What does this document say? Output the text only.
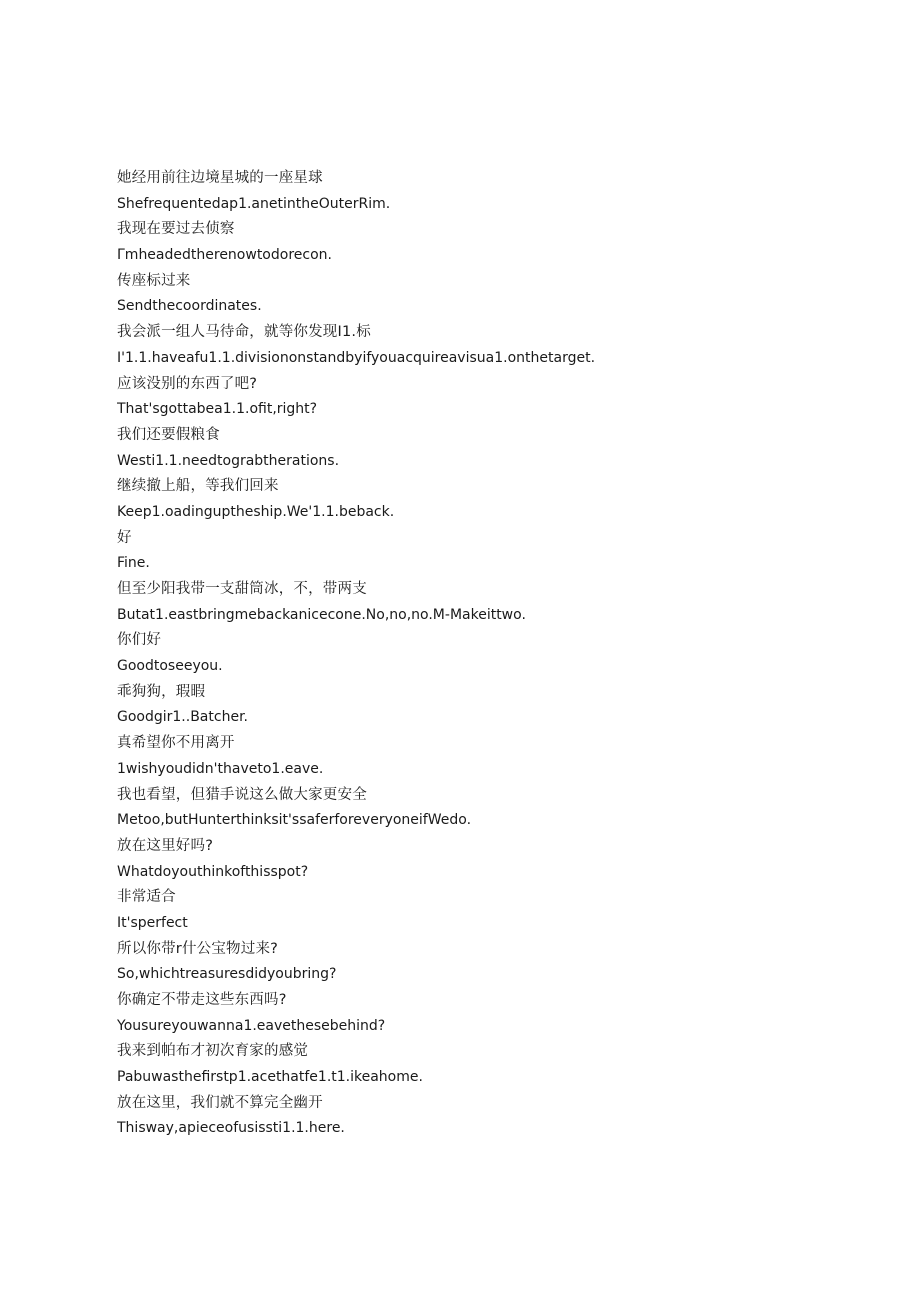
她经用前往边境星城的一座星球
Shefrequentedap1.anetintheOuterRim.
我现在要过去侦察
Γmheadedtherenowtodorecon.
传座标过来
Sendthecoordinates.
我会派一组人马待命，就等你发现I1.标
I'1.1.haveafu1.1.divisiononstandbyifyouacquireavisua1.onthetarget.
应该没别的东西了吧?
That'sgottabea1.1.ofit,right?
我们还要假粮食
Westi1.1.needtograbtherations.
继续撤上船，等我们回来
Keep1.oadinguptheship.We'1.1.beback.
好
Fine.
但至少阳我带一支甜筒冰，不，带两支
Butat1.eastbringmebackanicecone.No,no,no.M-Makeittwo.
你们好
Goodtoseeyou.
乖狗狗，瑕暇
Goodgir1..Batcher.
真希望你不用离开
1wishyoudidn'thaveto1.eave.
我也看望，但猎手说这么做大家更安全
Metoo,butHunterthinksit'ssaferforeveryoneifWedo.
放在这里好吗?
Whatdoyouthinkofthisspot?
非常适合
It'sperfect
所以你带r什公宝物过来?
So,whichtreasuresdidyoubring?
你确定不带走这些东西吗?
Yousureyouwanna1.eavethesebehind?
我来到帕布才初次育家的感觉
Pabuwasthefirstp1.acethatfe1.t1.ikeahome.
放在这里，我们就不算完全幽开
Thisway,apieceofusissti1.1.here.
